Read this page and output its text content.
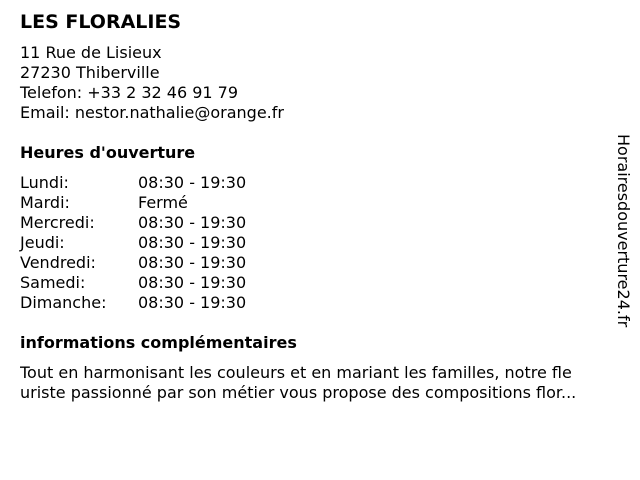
LES FLORALIES
11 Rue de Lisieux
27230 Thiberville
Telefon: +33 2 32 46 91 79
Email: nestor.nathalie@orange.fr
Heures d'ouverture
Lundi:	08:30 - 19:30
Mardi:	Fermé
Mercredi:	08:30 - 19:30
Jeudi:	08:30 - 19:30
Vendredi:	08:30 - 19:30
Samedi:	08:30 - 19:30
Dimanche:	08:30 - 19:30
informations complémentaires
Tout en harmonisant les couleurs et en mariant les familles, notre fle
uriste passionné par son métier vous propose des compositions flor...
Horairesdouverture24.fr
